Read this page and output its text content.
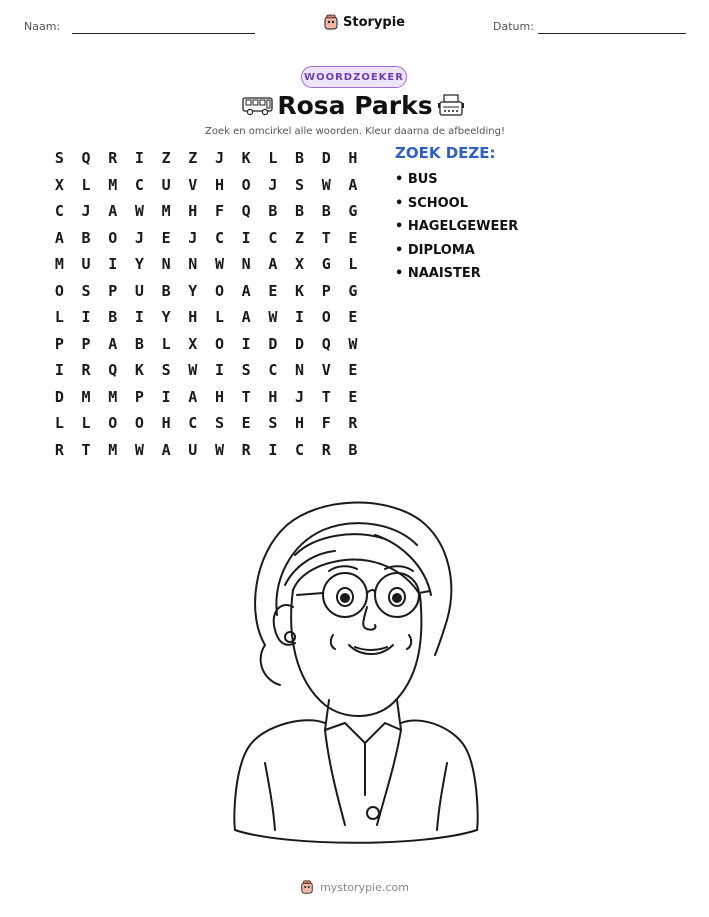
Naam:	Storypie	Datum:
WOORDZOEKER
Rosa Parks
Zoek en omcirkel alle woorden. Kleur daarna de afbeelding!
S	Q	R	I	Z	Z	J	K	L	B	D	H
X	L	M	C	U	V	H	O	J	S	W	A
C	J	A	W	M	H	F	Q	B	B	B	G
A	B	O	J	E	J	C	I	C	Z	T	E
M	U	I	Y	N	N	W	N	A	X	G	L
O	S	P	U	B	Y	O	A	E	K	P	G
L	I	B	I	Y	H	L	A	W	I	O	E
P	P	A	B	L	X	O	I	D	D	Q	W
I	R	Q	K	S	W	I	S	C	N	V	E
D	M	M	P	I	A	H	T	H	J	T	E
L	L	O	O	H	C	S	E	S	H	F	R
R	T	M	W	A	U	W	R	I	C	R	B
ZOEK DEZE:
• BUS
• SCHOOL
• HAGELGEWEER
• DIPLOMA
• NAAISTER
mystorypie.com
